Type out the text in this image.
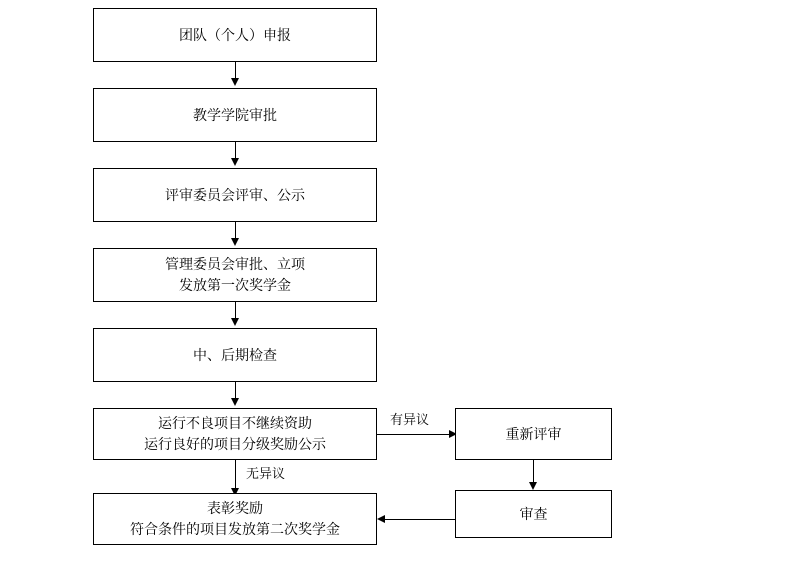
团队（个人）申报
教学学院审批
评审委员会评审、公示
管理委员会审批、立项
发放第一次奖学金
中、后期检查
运行不良项目不继续资助
运行良好的项目分级奖励公示
有异议
重新评审
审查
无异议
表彰奖励
符合条件的项目发放第二次奖学金
